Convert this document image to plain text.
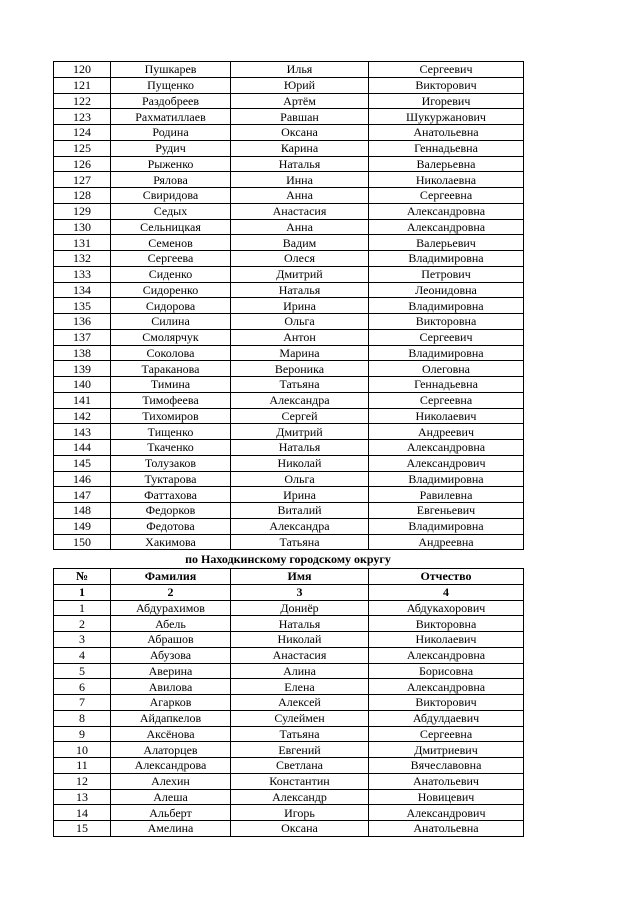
120	Пушкарев	Илья	Сергеевич
121	Пущенко	Юрий	Викторович
122	Раздобреев	Артём	Игоревич
123	Рахматиллаев	Равшан	Шукуржанович
124	Родина	Оксана	Анатольевна
125	Рудич	Карина	Геннадьевна
126	Рыженко	Наталья	Валерьевна
127	Рялова	Инна	Николаевна
128	Свиридова	Анна	Сергеевна
129	Седых	Анастасия	Александровна
130	Сельницкая	Анна	Александровна
131	Семенов	Вадим	Валерьевич
132	Сергеева	Олеся	Владимировна
133	Сиденко	Дмитрий	Петрович
134	Сидоренко	Наталья	Леонидовна
135	Сидорова	Ирина	Владимировна
136	Силина	Ольга	Викторовна
137	Смолярчук	Антон	Сергеевич
138	Соколова	Марина	Владимировна
139	Тараканова	Вероника	Олеговна
140	Тимина	Татьяна	Геннадьевна
141	Тимофеева	Александра	Сергеевна
142	Тихомиров	Сергей	Николаевич
143	Тищенко	Дмитрий	Андреевич
144	Ткаченко	Наталья	Александровна
145	Толузаков	Николай	Александрович
146	Туктарова	Ольга	Владимировна
147	Фаттахова	Ирина	Равилевна
148	Федорков	Виталий	Евгеньевич
149	Федотова	Александра	Владимировна
150	Хакимова	Татьяна	Андреевна
по Находкинскому городскому округу
№	Фамилия	Имя	Отчество
1	2	3	4
1	Абдурахимов	Дониёр	Абдукахорович
2	Абель	Наталья	Викторовна
3	Абрашов	Николай	Николаевич
4	Абузова	Анастасия	Александровна
5	Аверина	Алина	Борисовна
6	Авилова	Елена	Александровна
7	Агарков	Алексей	Викторович
8	Айдапкелов	Сулеймен	Абдулдаевич
9	Аксёнова	Татьяна	Сергеевна
10	Алаторцев	Евгений	Дмитриевич
11	Александрова	Светлана	Вячеславовна
12	Алехин	Константин	Анатольевич
13	Алеша	Александр	Новицевич
14	Альберт	Игорь	Александрович
15	Амелина	Оксана	Анатольевна
